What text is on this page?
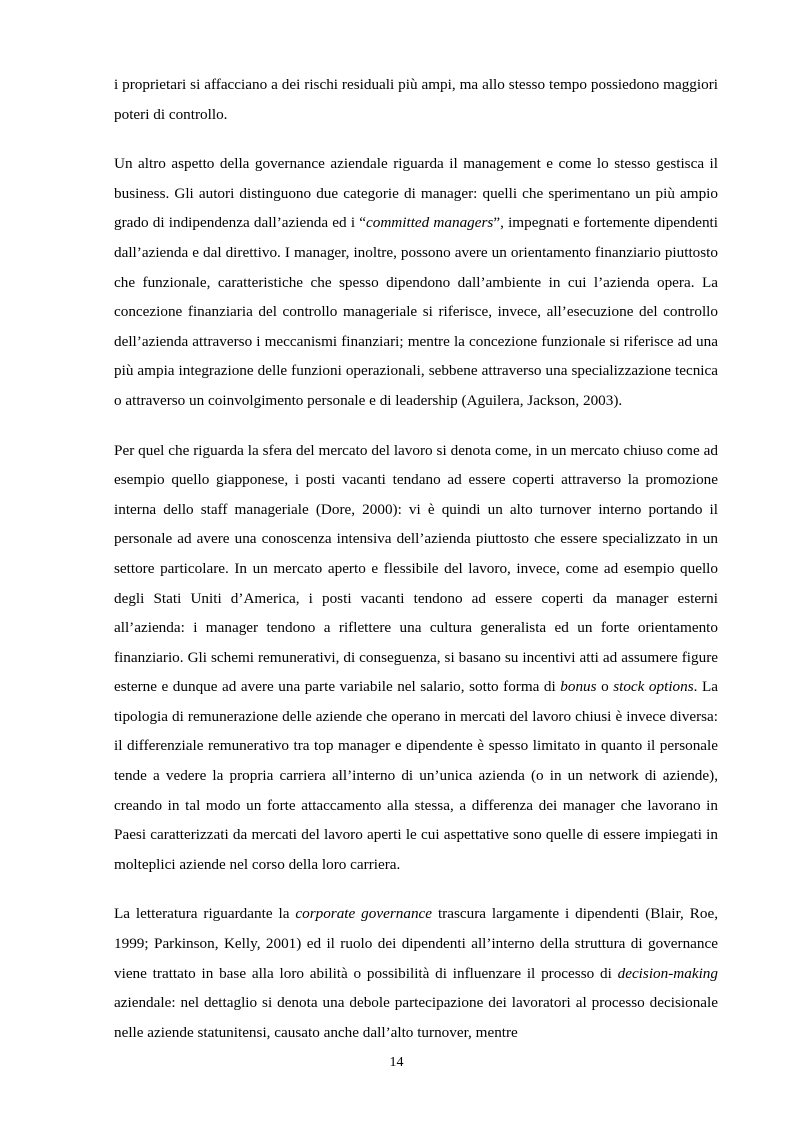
i proprietari si affacciano a dei rischi residuali più ampi, ma allo stesso tempo possiedono maggiori poteri di controllo.

Un altro aspetto della governance aziendale riguarda il management e come lo stesso gestisca il business. Gli autori distinguono due categorie di manager: quelli che sperimentano un più ampio grado di indipendenza dall’azienda ed i “committed managers”, impegnati e fortemente dipendenti dall’azienda e dal direttivo. I manager, inoltre, possono avere un orientamento finanziario piuttosto che funzionale, caratteristiche che spesso dipendono dall’ambiente in cui l’azienda opera. La concezione finanziaria del controllo manageriale si riferisce, invece, all’esecuzione del controllo dell’azienda attraverso i meccanismi finanziari; mentre la concezione funzionale si riferisce ad una più ampia integrazione delle funzioni operazionali, sebbene attraverso una specializzazione tecnica o attraverso un coinvolgimento personale e di leadership (Aguilera, Jackson, 2003).

Per quel che riguarda la sfera del mercato del lavoro si denota come, in un mercato chiuso come ad esempio quello giapponese, i posti vacanti tendano ad essere coperti attraverso la promozione interna dello staff manageriale (Dore, 2000): vi è quindi un alto turnover interno portando il personale ad avere una conoscenza intensiva dell’azienda piuttosto che essere specializzato in un settore particolare. In un mercato aperto e flessibile del lavoro, invece, come ad esempio quello degli Stati Uniti d’America, i posti vacanti tendono ad essere coperti da manager esterni all’azienda: i manager tendono a riflettere una cultura generalista ed un forte orientamento finanziario. Gli schemi remunerativi, di conseguenza, si basano su incentivi atti ad assumere figure esterne e dunque ad avere una parte variabile nel salario, sotto forma di bonus o stock options. La tipologia di remunerazione delle aziende che operano in mercati del lavoro chiusi è invece diversa: il differenziale remunerativo tra top manager e dipendente è spesso limitato in quanto il personale tende a vedere la propria carriera all’interno di un’unica azienda (o in un network di aziende), creando in tal modo un forte attaccamento alla stessa, a differenza dei manager che lavorano in Paesi caratterizzati da mercati del lavoro aperti le cui aspettative sono quelle di essere impiegati in molteplici aziende nel corso della loro carriera.

La letteratura riguardante la corporate governance trascura largamente i dipendenti (Blair, Roe, 1999; Parkinson, Kelly, 2001) ed il ruolo dei dipendenti all’interno della struttura di governance viene trattato in base alla loro abilità o possibilità di influenzare il processo di decision-making aziendale: nel dettaglio si denota una debole partecipazione dei lavoratori al processo decisionale nelle aziende statunitensi, causato anche dall’alto turnover, mentre

14
